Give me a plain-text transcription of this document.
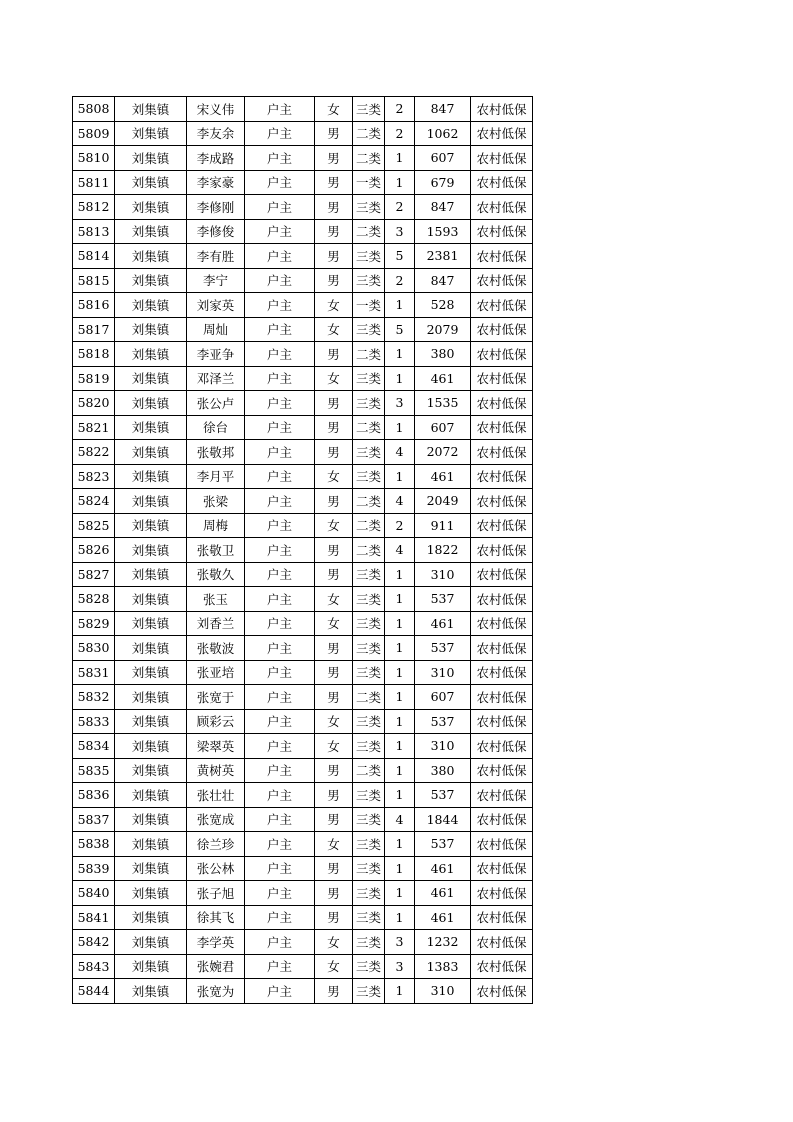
5808	刘集镇	宋义伟	户主	女	三类	2	847	农村低保
5809	刘集镇	李友余	户主	男	二类	2	1062	农村低保
5810	刘集镇	李成路	户主	男	二类	1	607	农村低保
5811	刘集镇	李家豪	户主	男	一类	1	679	农村低保
5812	刘集镇	李修刚	户主	男	三类	2	847	农村低保
5813	刘集镇	李修俊	户主	男	二类	3	1593	农村低保
5814	刘集镇	李有胜	户主	男	三类	5	2381	农村低保
5815	刘集镇	李宁	户主	男	三类	2	847	农村低保
5816	刘集镇	刘家英	户主	女	一类	1	528	农村低保
5817	刘集镇	周灿	户主	女	三类	5	2079	农村低保
5818	刘集镇	李亚争	户主	男	二类	1	380	农村低保
5819	刘集镇	邓泽兰	户主	女	三类	1	461	农村低保
5820	刘集镇	张公卢	户主	男	三类	3	1535	农村低保
5821	刘集镇	徐台	户主	男	二类	1	607	农村低保
5822	刘集镇	张敬邦	户主	男	三类	4	2072	农村低保
5823	刘集镇	李月平	户主	女	三类	1	461	农村低保
5824	刘集镇	张梁	户主	男	二类	4	2049	农村低保
5825	刘集镇	周梅	户主	女	二类	2	911	农村低保
5826	刘集镇	张敬卫	户主	男	二类	4	1822	农村低保
5827	刘集镇	张敬久	户主	男	三类	1	310	农村低保
5828	刘集镇	张玉	户主	女	三类	1	537	农村低保
5829	刘集镇	刘香兰	户主	女	三类	1	461	农村低保
5830	刘集镇	张敬波	户主	男	三类	1	537	农村低保
5831	刘集镇	张亚培	户主	男	三类	1	310	农村低保
5832	刘集镇	张宽于	户主	男	二类	1	607	农村低保
5833	刘集镇	顾彩云	户主	女	三类	1	537	农村低保
5834	刘集镇	梁翠英	户主	女	三类	1	310	农村低保
5835	刘集镇	黄树英	户主	男	二类	1	380	农村低保
5836	刘集镇	张壮壮	户主	男	三类	1	537	农村低保
5837	刘集镇	张宽成	户主	男	三类	4	1844	农村低保
5838	刘集镇	徐兰珍	户主	女	三类	1	537	农村低保
5839	刘集镇	张公林	户主	男	三类	1	461	农村低保
5840	刘集镇	张子旭	户主	男	三类	1	461	农村低保
5841	刘集镇	徐其飞	户主	男	三类	1	461	农村低保
5842	刘集镇	李学英	户主	女	三类	3	1232	农村低保
5843	刘集镇	张婉君	户主	女	三类	3	1383	农村低保
5844	刘集镇	张宽为	户主	男	三类	1	310	农村低保
